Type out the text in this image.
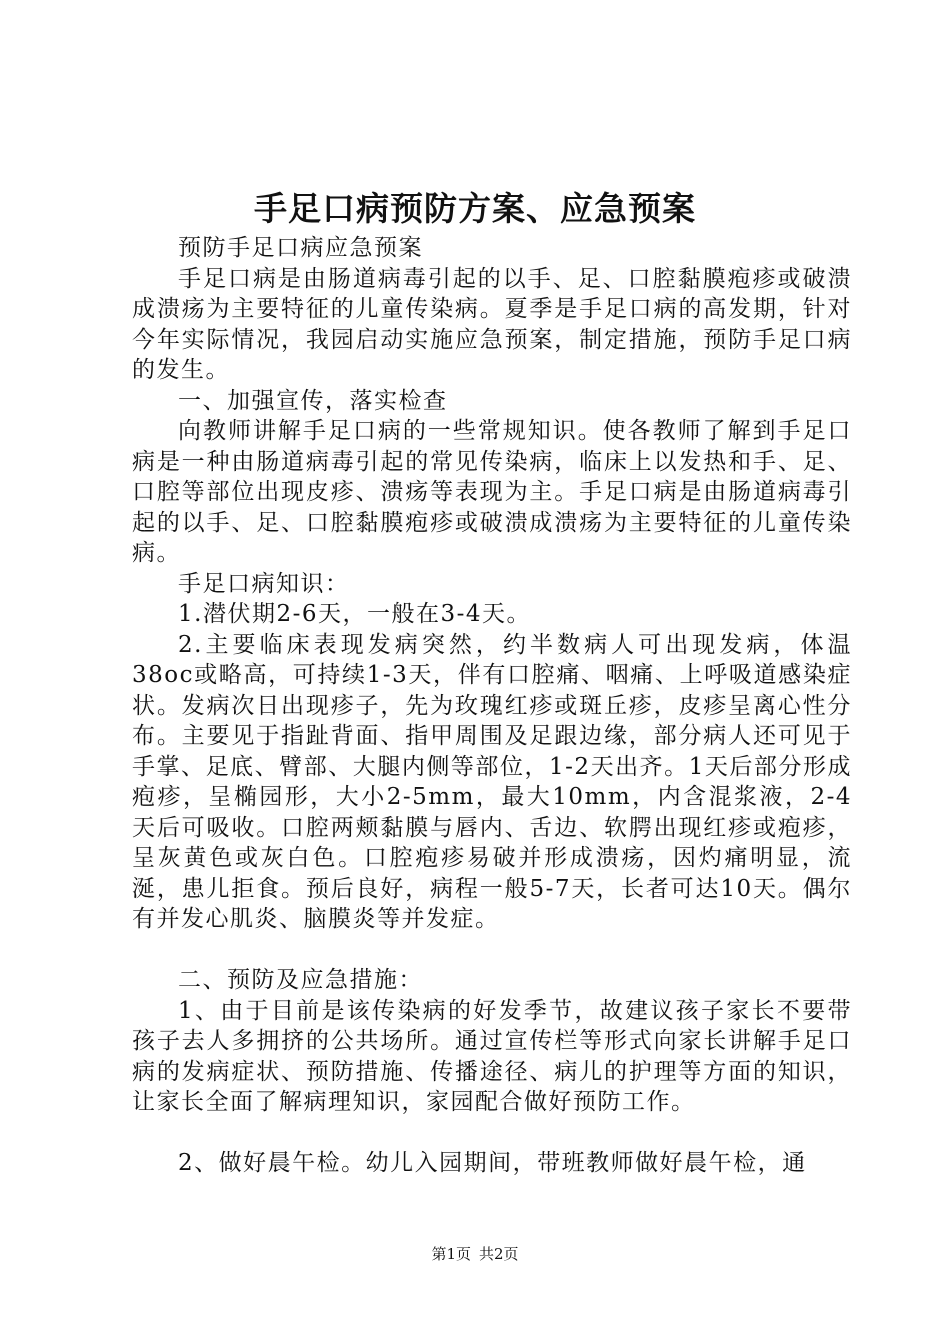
手足口病预防方案、应急预案

预防手足口病应急预案

手足口病是由肠道病毒引起的以手、足、口腔黏膜疱疹或破溃成溃疡为主要特征的儿童传染病。夏季是手足口病的高发期，针对今年实际情况，我园启动实施应急预案，制定措施，预防手足口病的发生。

一、加强宣传，落实检查

向教师讲解手足口病的一些常规知识。使各教师了解到手足口病是一种由肠道病毒引起的常见传染病，临床上以发热和手、足、口腔等部位出现皮疹、溃疡等表现为主。手足口病是由肠道病毒引起的以手、足、口腔黏膜疱疹或破溃成溃疡为主要特征的儿童传染病。

手足口病知识：

1.潜伏期2-6天，一般在3-4天。

2.主要临床表现发病突然，约半数病人可出现发病，体温38oc或略高，可持续1-3天，伴有口腔痛、咽痛、上呼吸道感染症状。发病次日出现疹子，先为玫瑰红疹或斑丘疹，皮疹呈离心性分布。主要见于指趾背面、指甲周围及足跟边缘，部分病人还可见于手掌、足底、臂部、大腿内侧等部位，1-2天出齐。1天后部分形成疱疹，呈椭园形，大小2-5mm，最大10mm，内含混浆液，2-4天后可吸收。口腔两颊黏膜与唇内、舌边、软腭出现红疹或疱疹，呈灰黄色或灰白色。口腔疱疹易破并形成溃疡，因灼痛明显，流涎，患儿拒食。预后良好，病程一般5-7天，长者可达10天。偶尔有并发心肌炎、脑膜炎等并发症。

二、预防及应急措施：

1、由于目前是该传染病的好发季节，故建议孩子家长不要带孩子去人多拥挤的公共场所。通过宣传栏等形式向家长讲解手足口病的发病症状、预防措施、传播途径、病儿的护理等方面的知识，让家长全面了解病理知识，家园配合做好预防工作。

2、做好晨午检。幼儿入园期间，带班教师做好晨午检，通

第1页 共2页
